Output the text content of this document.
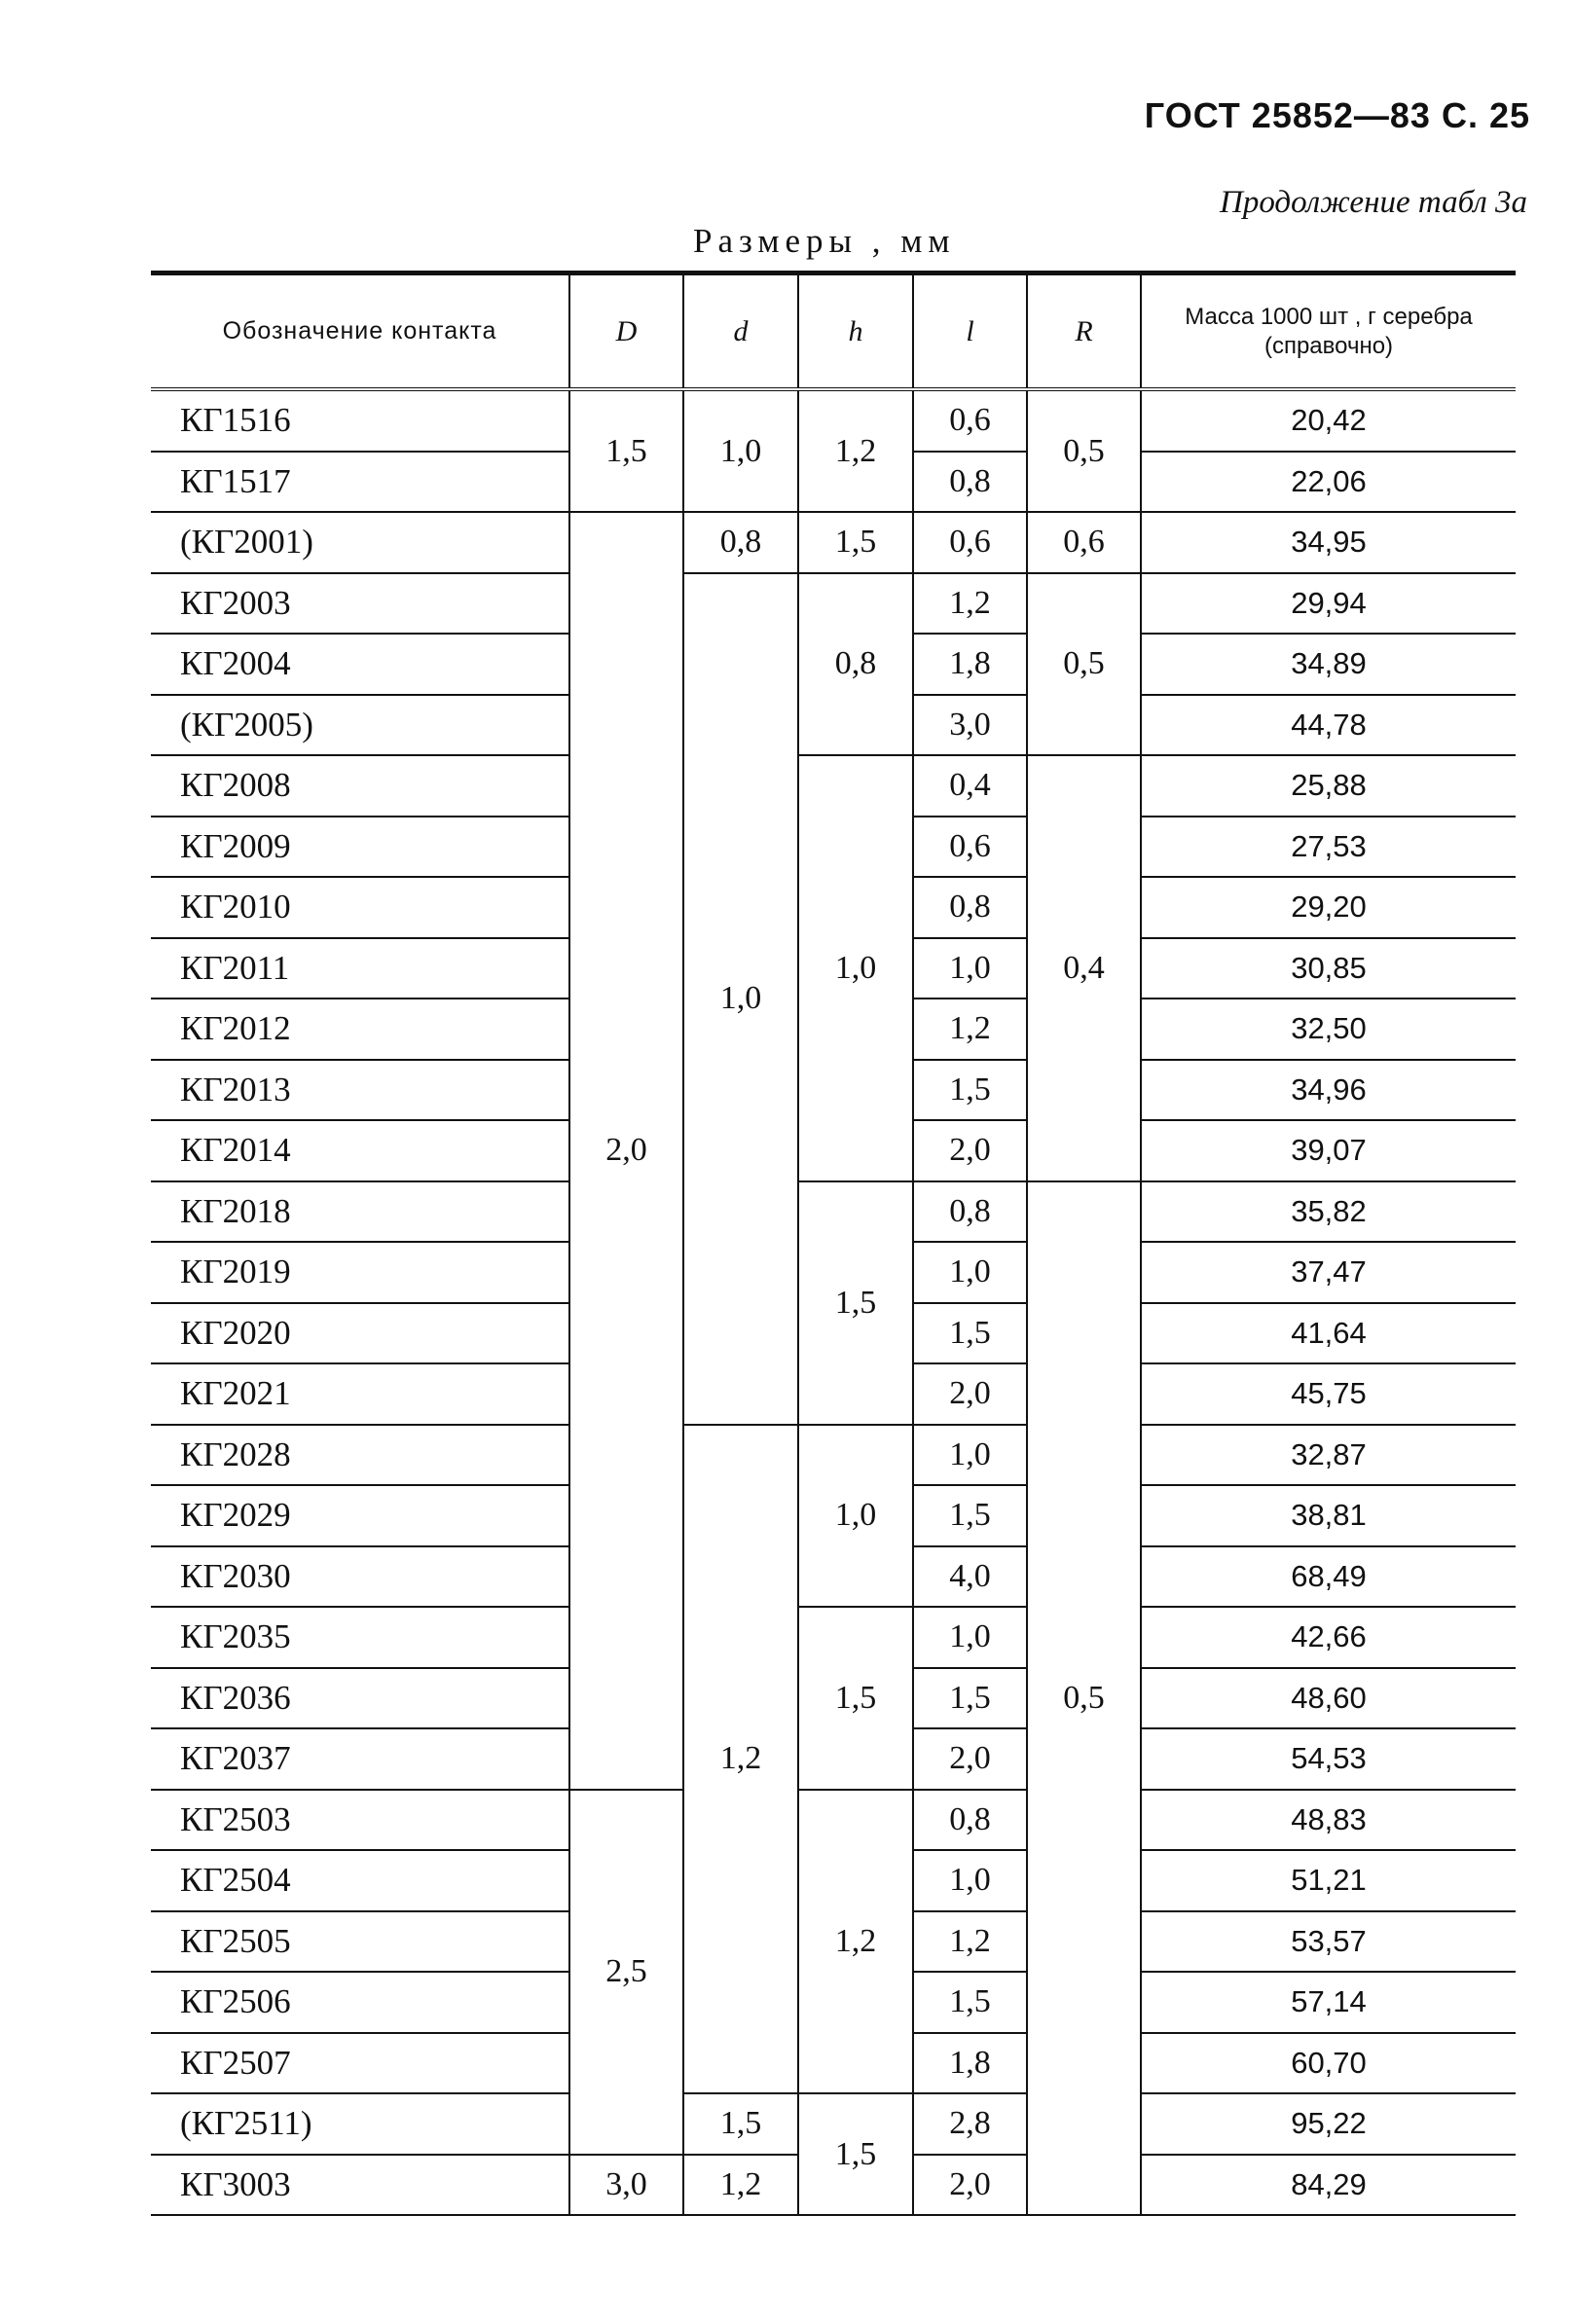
ГОСТ 25852—83 С. 25
Продолжение табл 3а
Размеры , мм
Обозначение контакта	D	d	h	l	R	Масса 1000 шт , г серебра (справочно)
КГ1516	1,5	1,0	1,2	0,6	0,5	20,42
КГ1517				0,8		22,06
(КГ2001)	2,0	0,8	1,5	0,6	0,6	34,95
КГ2003		1,0	0,8	1,2	0,5	29,94
КГ2004				1,8		34,89
(КГ2005)				3,0		44,78
КГ2008			1,0	0,4	0,4	25,88
КГ2009				0,6		27,53
КГ2010				0,8		29,20
КГ2011				1,0		30,85
КГ2012				1,2		32,50
КГ2013				1,5		34,96
КГ2014				2,0		39,07
КГ2018			1,5	0,8	0,5	35,82
КГ2019				1,0		37,47
КГ2020				1,5		41,64
КГ2021				2,0		45,75
КГ2028		1,2	1,0	1,0		32,87
КГ2029				1,5		38,81
КГ2030				4,0		68,49
КГ2035			1,5	1,0		42,66
КГ2036				1,5		48,60
КГ2037				2,0		54,53
КГ2503	2,5		1,2	0,8		48,83
КГ2504				1,0		51,21
КГ2505				1,2		53,57
КГ2506				1,5		57,14
КГ2507				1,8		60,70
(КГ2511)		1,5	1,5	2,8		95,22
КГ3003	3,0	1,2		2,0		84,29
